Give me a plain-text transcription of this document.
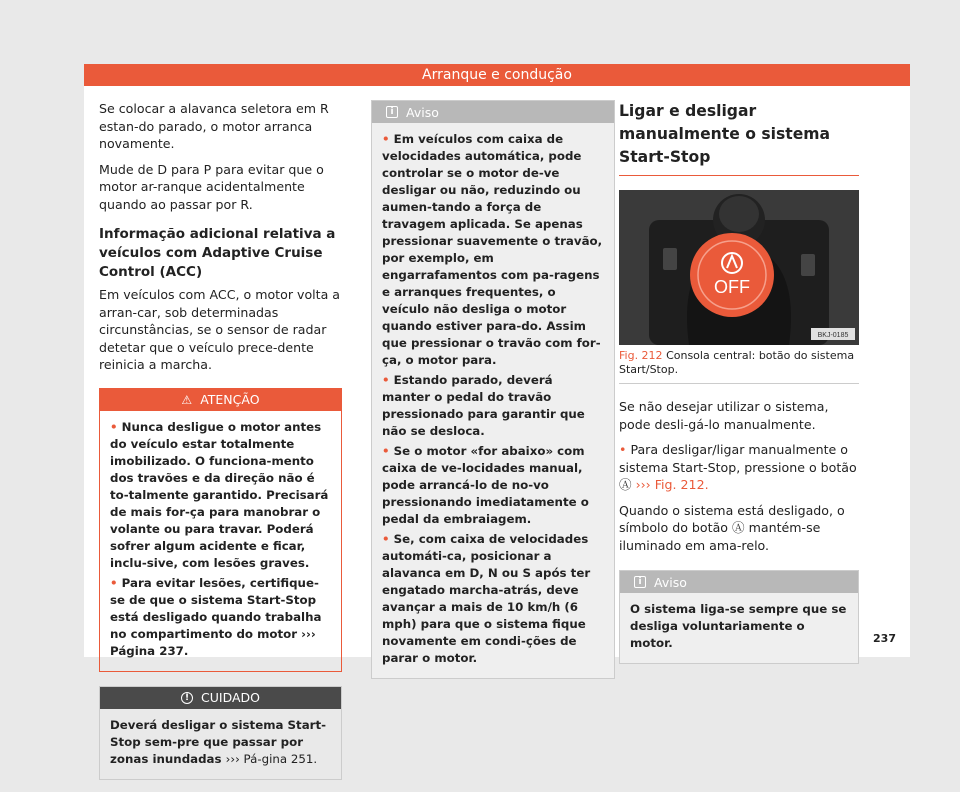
Arranque e condução

Se colocar a alavanca seletora em R estan-do parado, o motor arranca novamente.

Mude de D para P para evitar que o motor ar-ranque acidentalmente quando ao passar por R.

Informação adicional relativa a veículos com Adaptive Cruise Control (ACC)

Em veículos com ACC, o motor volta a arran-car, sob determinadas circunstâncias, se o sensor de radar detetar que o veículo prece-dente reinicia a marcha.

⚠ ATENÇÃO

• Nunca desligue o motor antes do veículo estar totalmente imobilizado. O funciona-mento dos travões e da direção não é to-talmente garantido. Precisará de mais for-ça para manobrar o volante ou para travar. Poderá sofrer algum acidente e ficar, inclu-sive, com lesões graves.

• Para evitar lesões, certifique-se de que o sistema Start-Stop está desligado quando trabalha no compartimento do motor ››› Página 237.

! CUIDADO

Deverá desligar o sistema Start-Stop sem-pre que passar por zonas inundadas ››› Pá-gina 251.

i Aviso

• Em veículos com caixa de velocidades automática, pode controlar se o motor de-ve desligar ou não, reduzindo ou aumen-tando a força de travagem aplicada. Se apenas pressionar suavemente o travão, por exemplo, em engarrafamentos com pa-ragens e arranques frequentes, o veículo não desliga o motor quando estiver para-do. Assim que pressionar o travão com for-ça, o motor para.

• Estando parado, deverá manter o pedal do travão pressionado para garantir que não se desloca.

• Se o motor «for abaixo» com caixa de ve-locidades manual, pode arrancá-lo de no-vo pressionando imediatamente o pedal da embraiagem.

• Se, com caixa de velocidades automáti-ca, posicionar a alavanca em D, N ou S após ter engatado marcha-atrás, deve avançar a mais de 10 km/h (6 mph) para que o sistema fique novamente em condi-ções de parar o motor.

Ligar e desligar manualmente o sistema Start-Stop
OFF
BKJ-0185

Fig. 212 Consola central: botão do sistema Start/Stop.

Se não desejar utilizar o sistema, pode desli-gá-lo manualmente.

• Para desligar/ligar manualmente o sistema Start-Stop, pressione o botão Ⓐ ››› Fig. 212.

Quando o sistema está desligado, o símbolo do botão Ⓐ mantém-se iluminado em ama-relo.

i Aviso

O sistema liga-se sempre que se desliga voluntariamente o motor.	237
